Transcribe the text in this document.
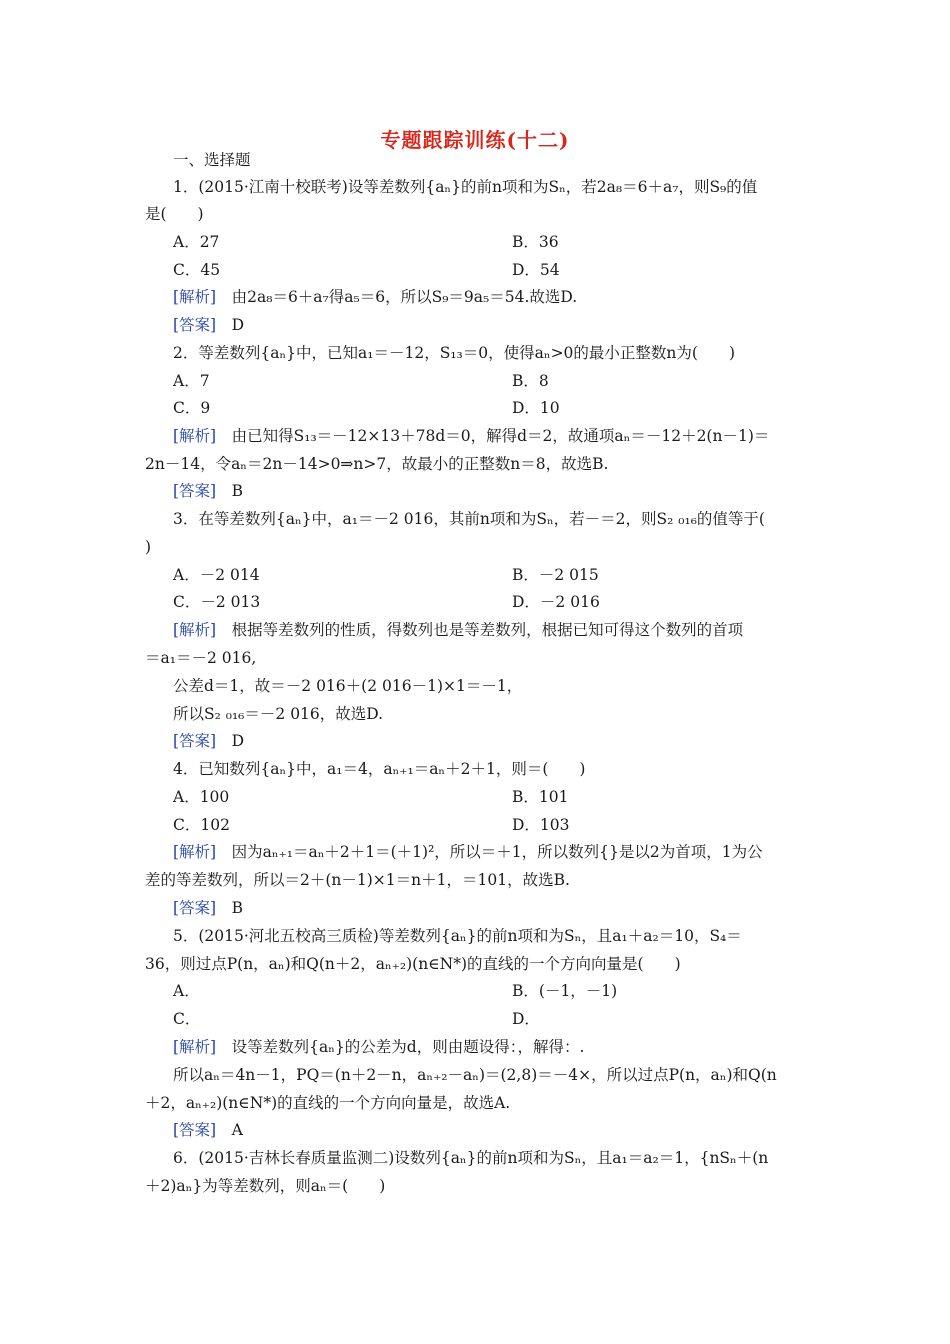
专题跟踪训练(十二)
一、选择题
1．(2015·江南十校联考)设等差数列{aₙ}的前n项和为Sₙ，若2a₈＝6＋a₇，则S₉的值
是(　　)
A．27	B．36
C．45	D．54
[解析]　 由2a₈＝6＋a₇得a₅＝6，所以S₉＝9a₅＝54.故选D.
[答案]　 D
2．等差数列{aₙ}中，已知a₁＝－12，S₁₃＝0，使得aₙ>0的最小正整数n为(　　)
A．7	B．8
C．9	D．10
[解析]　 由已知得S₁₃＝－12×13＋78d＝0，解得d＝2，故通项aₙ＝－12＋2(n－1)＝
2n－14，令aₙ＝2n－14>0⇒n>7，故最小的正整数n＝8，故选B.
[答案]　 B
3．在等差数列{aₙ}中，a₁＝－2 016，其前n项和为Sₙ，若－＝2，则S₂ ₀₁₆的值等于(
)
A．－2 014	B．－2 015
C．－2 013	D．－2 016
[解析]　 根据等差数列的性质，得数列也是等差数列，根据已知可得这个数列的首项
＝a₁＝－2 016,
公差d＝1，故＝－2 016＋(2 016－1)×1＝－1，
所以S₂ ₀₁₆＝－2 016，故选D.
[答案]　 D
4．已知数列{aₙ}中，a₁＝4，aₙ₊₁＝aₙ＋2＋1，则＝(　　)
A．100	B．101
C．102	D．103
[解析]　 因为aₙ₊₁＝aₙ＋2＋1＝(＋1)²，所以＝＋1，所以数列{}是以2为首项，1为公
差的等差数列，所以＝2＋(n－1)×1＝n＋1，＝101，故选B.
[答案]　 B
5．(2015·河北五校高三质检)等差数列{aₙ}的前n项和为Sₙ，且a₁＋a₂＝10，S₄＝
36，则过点P(n，aₙ)和Q(n＋2，aₙ₊₂)(n∈N*)的直线的一个方向向量是(　　)
A．	B．(－1，－1)
C．	D．
[解析]　 设等差数列{aₙ}的公差为d，则由题设得：，解得：.
所以aₙ＝4n－1，PQ＝(n＋2－n，aₙ₊₂－aₙ)＝(2,8)＝－4×，所以过点P(n，aₙ)和Q(n
＋2，aₙ₊₂)(n∈N*)的直线的一个方向向量是，故选A.
[答案]　 A
6．(2015·吉林长春质量监测二)设数列{aₙ}的前n项和为Sₙ，且a₁＝a₂＝1，{nSₙ＋(n
＋2)aₙ}为等差数列，则aₙ＝(　　)
